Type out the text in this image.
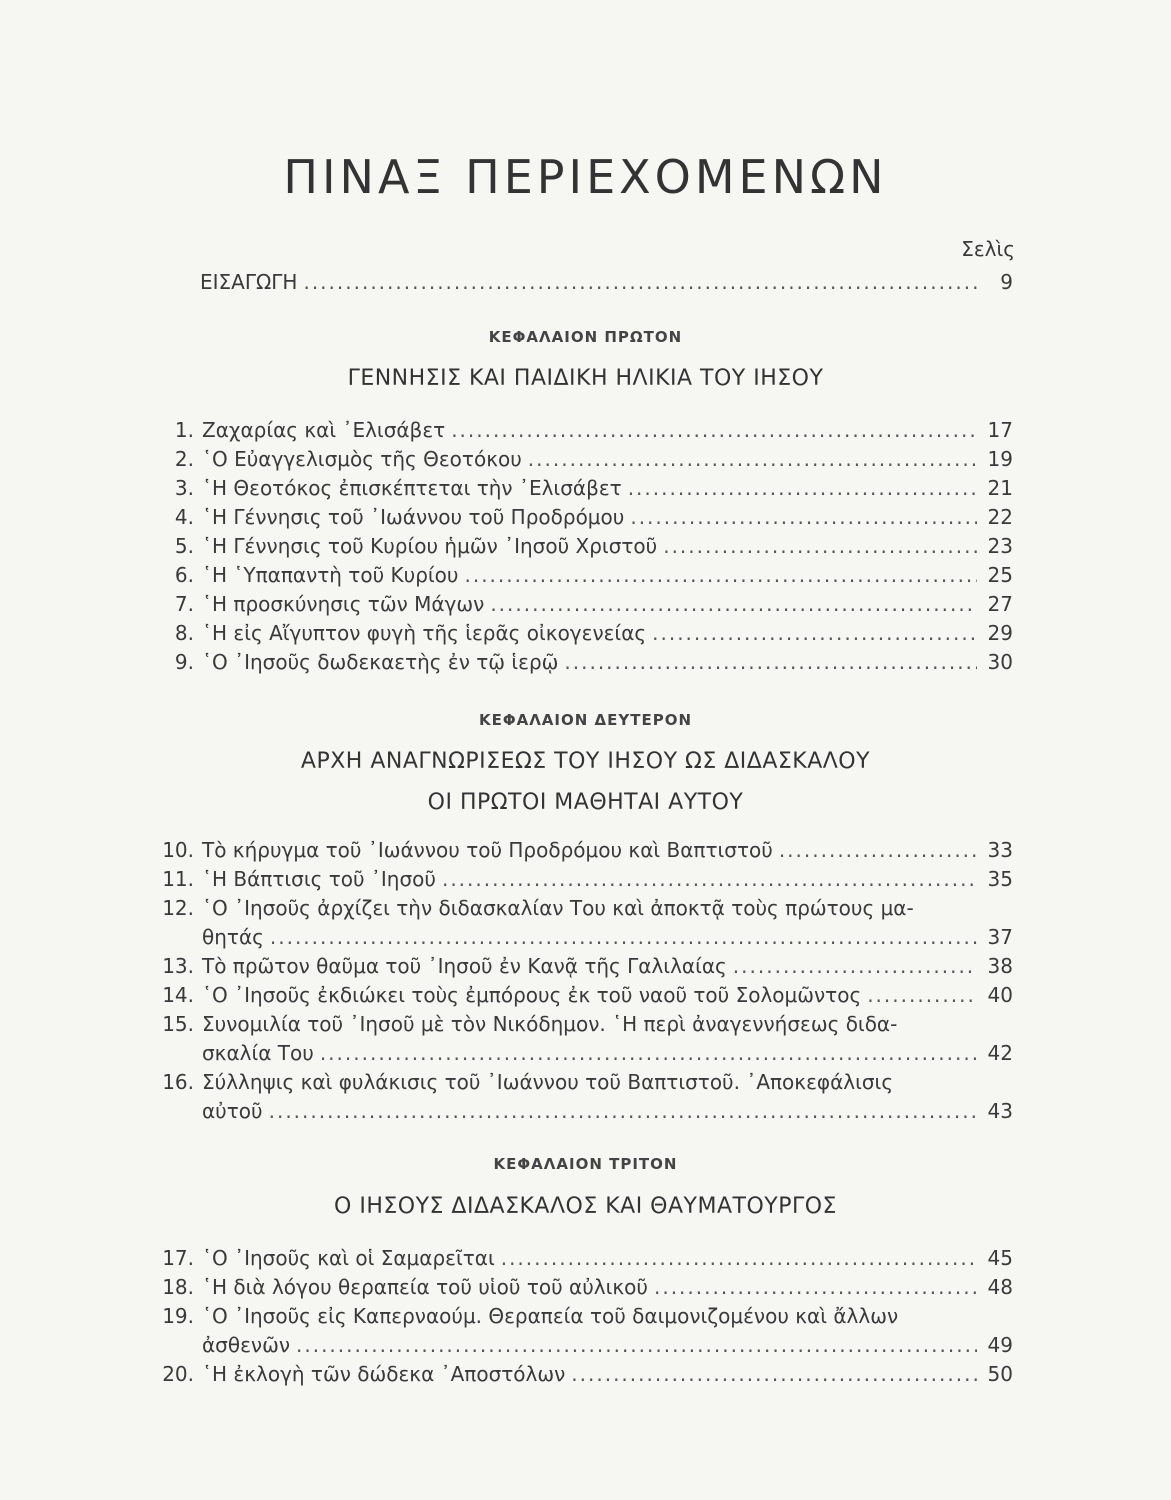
ΠΙΝΑΞ ΠΕΡΙΕΧΟΜΕΝΩΝ
Σελὶς
ΕΙΣΑΓΩΓΗ .....	9
ΚΕΦΑΛΑΙΟΝ ΠΡΩΤΟΝ
ΓΕΝΝΗΣΙΣ ΚΑΙ ΠΑΙΔΙΚΗ ΗΛΙΚΙΑ ΤΟΥ ΙΗΣΟΥ
1. Ζαχαρίας καὶ ᾿Ελισάβετ .....	17
2. ῾Ο Εὐαγγελισμὸς τῆς Θεοτόκου .....	19
3. ῾Η Θεοτόκος ἐπισκέπτεται τὴν ᾿Ελισάβετ .....	21
4. ῾Η Γέννησις τοῦ ᾿Ιωάννου τοῦ Προδρόμου .....	22
5. ῾Η Γέννησις τοῦ Κυρίου ἡμῶν ᾿Ιησοῦ Χριστοῦ .....	23
6. ῾Η ῾Υπαπαντὴ τοῦ Κυρίου .....	25
7. ῾Η προσκύνησις τῶν Μάγων .....	27
8. ῾Η εἰς Αἴγυπτον φυγὴ τῆς ἱερᾶς οἰκογενείας .....	29
9. ῾Ο ᾿Ιησοῦς δωδεκαετὴς ἐν τῷ ἱερῷ .....	30
ΚΕΦΑΛΑΙΟΝ ΔΕΥΤΕΡΟΝ
ΑΡΧΗ ΑΝΑΓΝΩΡΙΣΕΩΣ ΤΟΥ ΙΗΣΟΥ ΩΣ ΔΙΔΑΣΚΑΛΟΥ
ΟΙ ΠΡΩΤΟΙ ΜΑΘΗΤΑΙ ΑΥΤΟΥ
10. Τὸ κήρυγμα τοῦ ᾿Ιωάννου τοῦ Προδρόμου καὶ Βαπτιστοῦ .....	33
11. ῾Η Βάπτισις τοῦ ᾿Ιησοῦ .....	35
12. ῾Ο ᾿Ιησοῦς ἀρχίζει τὴν διδασκαλίαν Του καὶ ἀποκτᾷ τοὺς πρώτους μα-
θητάς .....	37
13. Τὸ πρῶτον θαῦμα τοῦ ᾿Ιησοῦ ἐν Κανᾷ τῆς Γαλιλαίας .....	38
14. ῾Ο ᾿Ιησοῦς ἐκδιώκει τοὺς ἐμπόρους ἐκ τοῦ ναοῦ τοῦ Σολομῶντος .....	40
15. Συνομιλία τοῦ ᾿Ιησοῦ μὲ τὸν Νικόδημον. ῾Η περὶ ἀναγεννήσεως διδα-
σκαλία Του .....	42
16. Σύλληψις καὶ φυλάκισις τοῦ ᾿Ιωάννου τοῦ Βαπτιστοῦ. ᾿Αποκεφάλισις
αὐτοῦ .....	43
ΚΕΦΑΛΑΙΟΝ ΤΡΙΤΟΝ
Ο ΙΗΣΟΥΣ ΔΙΔΑΣΚΑΛΟΣ ΚΑΙ ΘΑΥΜΑΤΟΥΡΓΟΣ
17. ῾Ο ᾿Ιησοῦς καὶ οἱ Σαμαρεῖται .....	45
18. ῾Η διὰ λόγου θεραπεία τοῦ υἱοῦ τοῦ αὐλικοῦ .....	48
19. ῾Ο ᾿Ιησοῦς εἰς Καπερναούμ. Θεραπεία τοῦ δαιμονιζομένου καὶ ἄλλων
ἀσθενῶν .....	49
20. ῾Η ἐκλογὴ τῶν δώδεκα ᾿Αποστόλων .....	50
